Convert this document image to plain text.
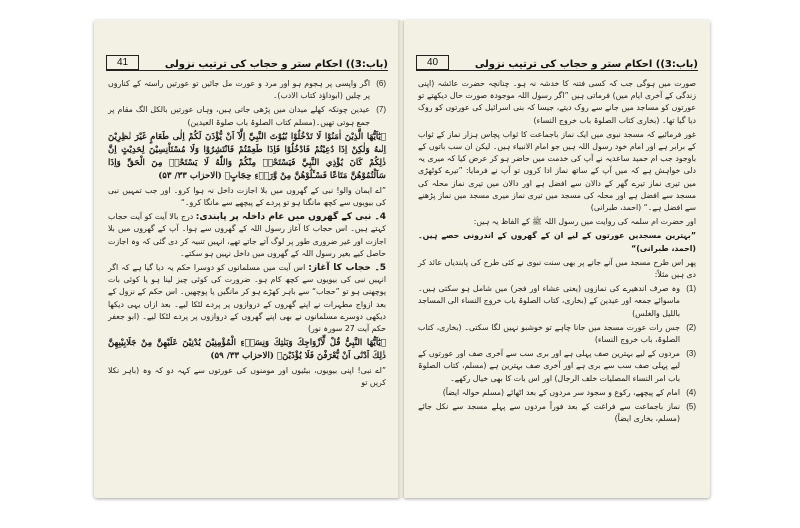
(باب:3)) احکام ستر و حجاب کی ترتیب نزولی
41
(6)
اگر واپسی پر ہجوم ہو اور مرد و عورت مل جائیں تو عورتیں راستہ کے کناروں پر چلیں (ابوداؤد کتاب الادب)۔
(7)
عیدین چونکہ کھلے میدان میں پڑھی جاتی ہیں، وہاں عورتیں بالکل الگ مقام پر جمع ہوتی تھیں۔(مسلم کتاب الصلوۃ باب صلوۃ العیدین)

﴿يٰٓاَيُّهَا الَّذِيْنَ اٰمَنُوْا لَا تَدْخُلُوْا بُيُوْتَ النَّبِيِّ اِلَّآ اَنْ يُّؤْذَنَ لَكُمْ اِلٰى طَعَامٍ غَيْرَ نٰظِرِيْنَ اِنٰىهُ وَلٰكِنْ اِذَا دُعِيْتُمْ فَادْخُلُوْا فَاِذَا طَعِمْتُمْ فَانْتَشِرُوْا وَلَا مُسْتَاْنِسِيْنَ لِحَدِيْثٍ اِنَّ ذٰلِكُمْ كَانَ يُؤْذِي النَّبِيَّ فَيَسْتَحْيٖ مِنْكُمْ وَاللّٰهُ لَا يَسْتَحْيٖ مِنَ الْحَقِّ وَاِذَا سَاَلْتُمُوْهُنَّ مَتَاعًا فَسْـَٔلُوْهُنَّ مِنْ وَّرَاۗءِ حِجَابٍ﴾ (الاحزاب ۳۳/ ۵۳)

”اے ایمان والو! نبی کے گھروں میں بلا اجازت داخل نہ ہوا کرو۔ اور جب تمہیں نبی کی بیویوں سے کچھ مانگنا ہو تو پردے کے پیچھے سے مانگا کرو۔“

4۔ نبی کے گھروں میں عام داخلہ پر پابندی: درج بالا آیت کو آیت حجاب کہتے ہیں۔ اس حجاب کا آغاز رسول اللہ کے گھروں سے ہوا۔ آپ کے گھروں میں بلا اجازت اور غیر ضروری طور پر لوگ آتے جاتے تھے، انہیں تنبیہ کر دی گئی کہ وہ اجازت حاصل کیے بغیر رسول اللہ کے گھروں میں داخل نہیں ہو سکتے۔

5۔ حجاب کا آغاز: اس آیت میں مسلمانوں کو دوسرا حکم یہ دیا گیا ہے کہ اگر انہیں نبی کی بیویوں سے کچھ کام ہو۔ ضرورت کی کوئی چیز لینا ہو یا کوئی بات پوچھنی ہو تو ”حجاب“ سے باہر کھڑے ہو کر مانگیں یا پوچھیں۔ اس حکم کے نزول کے بعد ازواج مطہرات نے اپنے گھروں کے دروازوں پر پردے لٹکا لیے۔ بعد ازاں یہی دیکھا دیکھی دوسرے مسلمانوں نے بھی اپنے گھروں کے دروازوں پر پردے لٹکا لیے۔ (ابو جعفر حکم آیت 27 سورہ نور)

﴿يٰٓاَيُّهَا النَّبِيُّ قُلْ لِّاَزْوَاجِكَ وَبَنٰتِكَ وَنِسَاۗءِ الْمُؤْمِنِيْنَ يُدْنِيْنَ عَلَيْهِنَّ مِنْ جَلَابِيْبِهِنَّ ذٰلِكَ اَدْنٰٓى اَنْ يُّعْرَفْنَ فَلَا يُؤْذَيْنَ﴾ (الاحزاب ۳۳/ ۵۹)

”اے نبی! اپنی بیویوں، بیٹیوں اور مومنوں کی عورتوں سے کہہ دو کہ وہ (باہر نکلا کریں تو

(باب:3)) احکام ستر و حجاب کی ترتیب نزولی
40

صورت میں ہوگی جب کہ کسی فتنہ کا خدشہ نہ ہو۔ چنانچہ حضرت عائشہ (اپنی زندگی کے آخری ایام میں) فرماتی ہیں ”اگر رسول اللہ موجودہ صورت حال دیکھتے تو عورتوں کو مساجد میں جانے سے روک دیتے، جیسا کہ بنی اسرائیل کی عورتوں کو روک دیا گیا تھا۔ (بخاری کتاب الصلوۃ باب خروج النساء)

غور فرمائیے کہ مسجد نبوی میں ایک نماز باجماعت کا ثواب پچاس ہزار نماز کے ثواب کے برابر ہے اور امام خود رسول اللہ ہیں جو امام الانبیاء ہیں۔ لیکن ان سب باتوں کے باوجود جب ام حمید ساعدیہ نے آپ کی خدمت میں حاضر ہو کر عرض کیا کہ میری یہ دلی خواہش ہے کہ میں آپ کے ساتھ نماز ادا کروں تو آپ نے فرمایا: ”تیرے کوٹھڑی میں تیری نماز تیرے گھر کے دالان سے افضل ہے اور دالان میں تیری نماز محلہ کی مسجد سے افضل ہے اور محلہ کی مسجد میں تیری نماز میری مسجد میں نماز پڑھنے سے افضل ہے۔“ (احمد، طبرانی)

اور حضرت ام سلمہ کی روایت میں رسول اللہ ﷺ کے الفاظ یہ ہیں:

”بہترین مسجدیں عورتوں کے لیے ان کے گھروں کے اندرونی حصے ہیں۔ (احمد، طبرانی)“

پھر اس طرح مسجد میں آنے جانے پر بھی سنت نبوی نے کئی طرح کی پابندیاں عائد کر دی ہیں مثلاً:

(1)
وہ صرف اندھیرے کی نمازوں (یعنی عشاء اور فجر) میں شامل ہو سکتی ہیں۔ ماسوائے جمعہ اور عیدین کے (بخاری، کتاب الصلوۃ باب خروج النساء الی المساجد باللیل والغلس)
(2)
جس رات عورت مسجد میں جانا چاہے تو خوشبو نہیں لگا سکتی۔ (بخاری، کتاب الصلوۃ، باب خروج النساء)
(3)
مردوں کے لیے بہترین صف پہلی ہے اور بری سب سے آخری صف اور عورتوں کے لیے پہلی صف سب سے بری ہے اور آخری صف بہترین ہے (مسلم، کتاب الصلوۃ باب امر النساء المصلیات خلف الرجال) اور اس بات کا بھی خیال رکھے۔
(4)
امام کے پیچھے، رکوع و سجود سر مردوں کے بعد اٹھائے (مسلم حوالہ ایضاً)
(5)
نماز باجماعت سے فراغت کے بعد فوراً مردوں سے پہلے مسجد سے نکل جائے (مسلم، بخاری ایضاً)
